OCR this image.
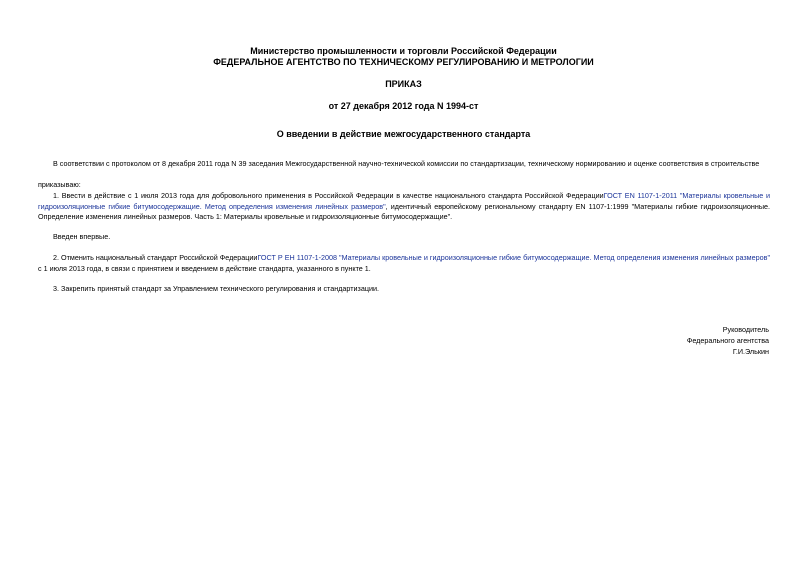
Министерство промышленности и торговли Российской Федерации
ФЕДЕРАЛЬНОЕ АГЕНТСТВО ПО ТЕХНИЧЕСКОМУ РЕГУЛИРОВАНИЮ И МЕТРОЛОГИИ
ПРИКАЗ
от 27 декабря 2012 года N 1994-ст
О введении в действие межгосударственного стандарта
В соответствии с протоколом от 8 декабря 2011 года N 39 заседания Межгосударственной научно-технической комиссии по стандартизации, техническому нормированию и оценке соответствия в строительстве
приказываю:
1. Ввести в действие с 1 июля 2013 года для добровольного применения в Российской Федерации в качестве национального стандарта Российской ФедерацииГОСТ EN 1107-1-2011 "Материалы кровельные и гидроизоляционные гибкие битумосодержащие. Метод определения изменения линейных размеров", идентичный европейскому региональному стандарту EN 1107-1:1999 "Материалы гибкие гидроизоляционные. Определение изменения линейных размеров. Часть 1: Материалы кровельные и гидроизоляционные битумосодержащие".
Введен впервые.
2. Отменить национальный стандарт Российской ФедерацииГОСТ Р ЕН 1107-1-2008 "Материалы кровельные и гидроизоляционные гибкие битумосодержащие. Метод определения изменения линейных размеров" с 1 июля 2013 года, в связи с принятием и введением в действие стандарта, указанного в пункте 1.
3. Закрепить принятый стандарт за Управлением технического регулирования и стандартизации.
Руководитель
Федерального агентства
Г.И.Элькин
